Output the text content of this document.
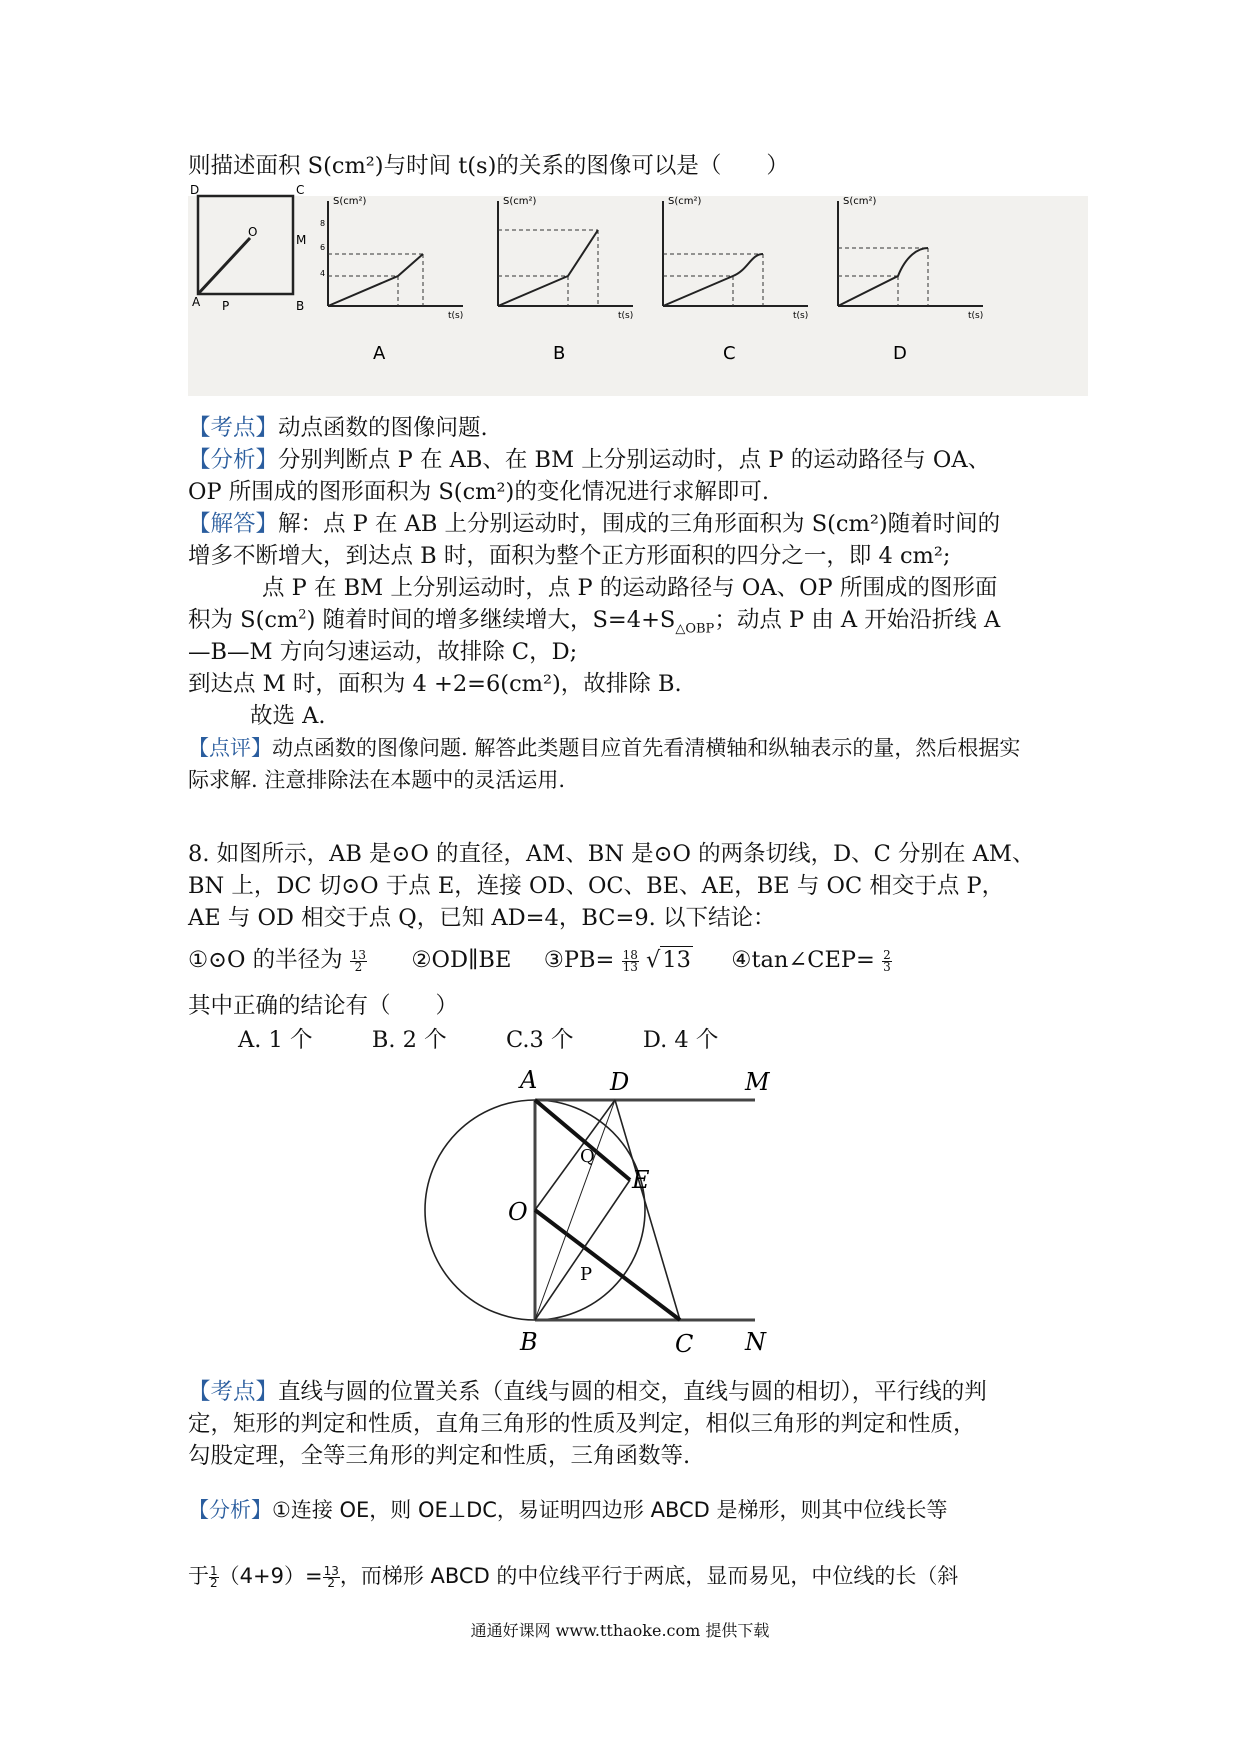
则描述面积 S(cm²)与时间 t(s)的关系的图像可以是（　　）
D	C
O
M
A P	B
S(cm²)
t(s)
8
6
4
A
S(cm²)
t(s)
B
S(cm²)
t(s)
C
S(cm²)
t(s)
D
【考点】动点函数的图像问题.
【分析】分别判断点 P 在 AB、在 BM 上分别运动时，点 P 的运动路径与 OA、
OP 所围成的图形面积为 S(cm²)的变化情况进行求解即可.
【解答】解：点 P 在 AB 上分别运动时，围成的三角形面积为 S(cm²)随着时间的
增多不断增大，到达点 B 时，面积为整个正方形面积的四分之一，即 4 cm²;
点 P 在 BM 上分别运动时，点 P 的运动路径与 OA、OP 所围成的图形面
积为 $S(cm^2)$ 随着时间的增多继续增大，$S=4+S_{\triangle OBP}$；动点 P 由 A 开始沿折线 A
—B—M 方向匀速运动，故排除 C，D;
到达点 M 时，面积为 4 +2=6(cm²)，故排除 B.
故选 A.
【点评】动点函数的图像问题. 解答此类题目应首先看清横轴和纵轴表示的量，然后根据实
际求解. 注意排除法在本题中的灵活运用.
8. 如图所示，AB 是⊙O 的直径，AM、BN 是⊙O 的两条切线，D、C 分别在 AM、
BN 上，DC 切⊙O 于点 E，连接 OD、OC、BE、AE，BE 与 OC 相交于点 P，
AE 与 OD 相交于点 Q，已知 AD=4，BC=9. 以下结论：
①⊙O 的半径为 $\frac{13}{2}$ ②OD∥BE ③PB= $\frac{18}{13} √13$ ④tan∠CEP= $\frac{2}{3}$
其中正确的结论有（　　）
A. 1 个	B. 2 个	C.3 个	D. 4 个
A	D	M
Q
E
O
P
B	C N
【考点】直线与圆的位置关系（直线与圆的相交，直线与圆的相切），平行线的判
定，矩形的判定和性质，直角三角形的性质及判定，相似三角形的判定和性质，
勾股定理，全等三角形的判定和性质，三角函数等.
【分析】①连接 OE，则 OE⊥DC，易证明四边形 ABCD 是梯形，则其中位线长等
于 $\frac{1}{2} (4+9)= \frac{13}{2}$ ，而梯形 ABCD 的中位线平行于两底，显而易见，中位线的长（斜
通通好课网 www.tthaoke.com 提供下载
